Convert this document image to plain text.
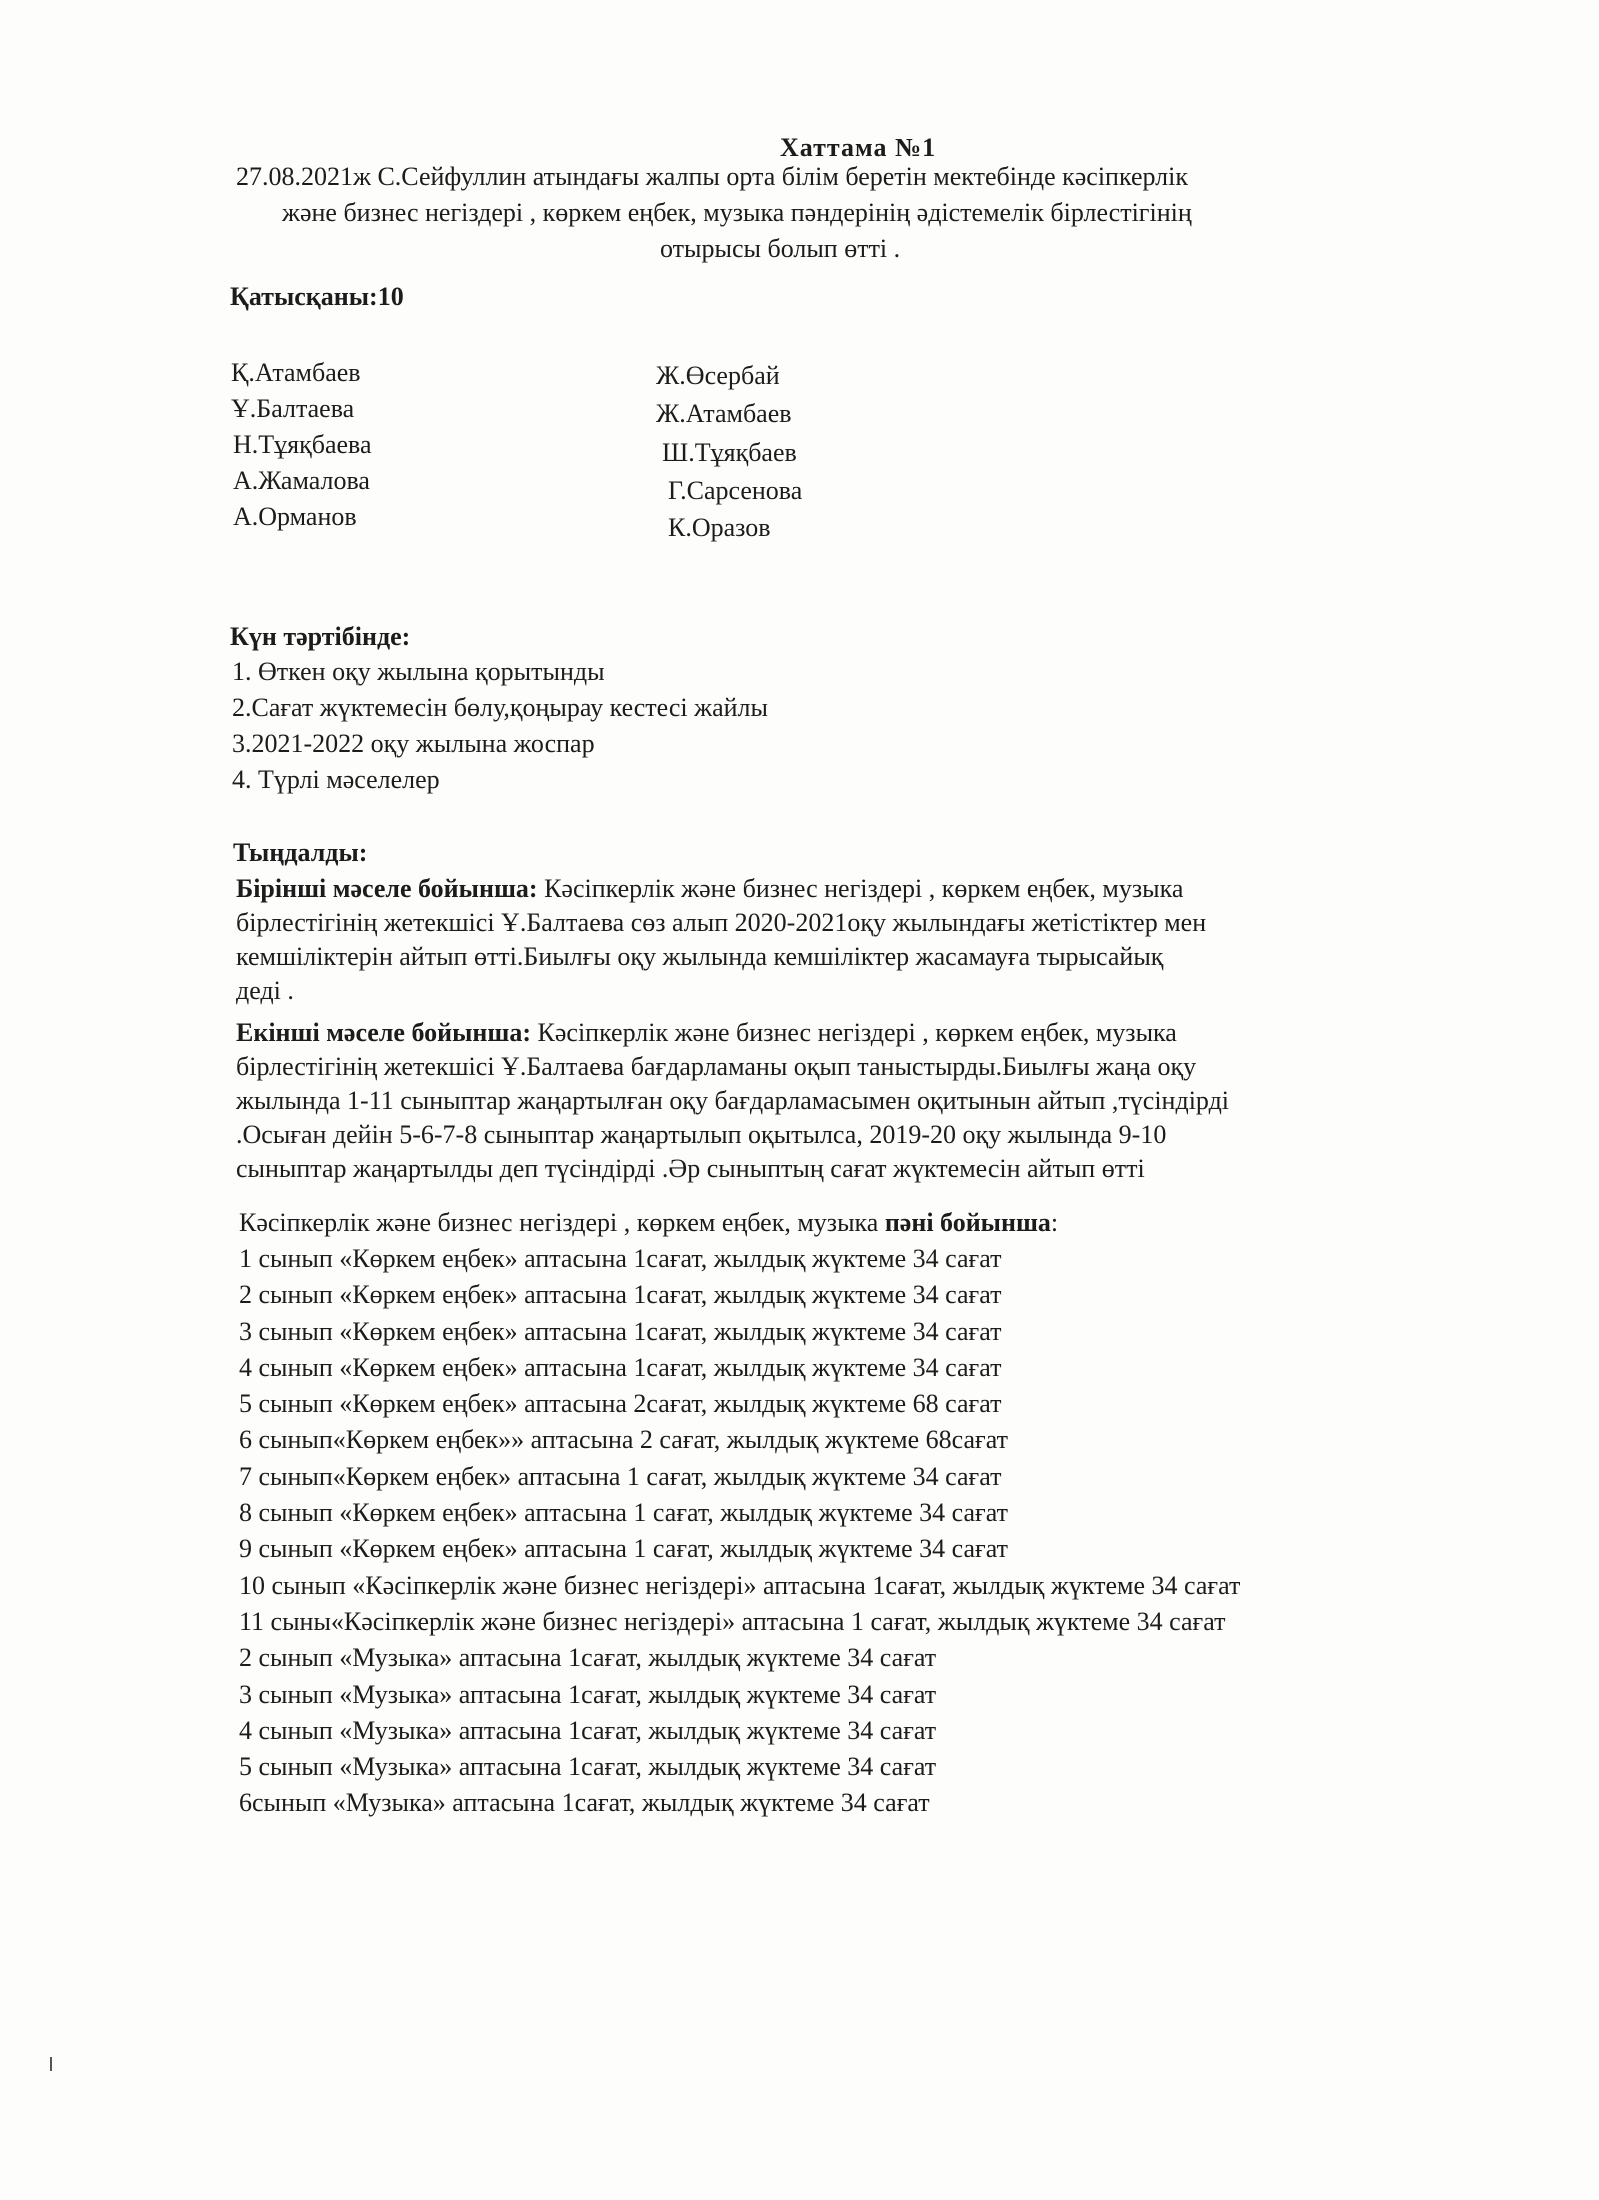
Хаттама №1
27.08.2021ж С.Сейфуллин атындағы жалпы орта білім беретін мектебінде кәсіпкерлік
және бизнес негіздері , көркем еңбек, музыка пәндерінің әдістемелік бірлестігінің
отырысы болып өтті .
Қатысқаны:10
Қ.Атамбаев
Ұ.Балтаева
Н.Тұяқбаева
А.Жамалова
А.Орманов
Ж.Өсербай
Ж.Атамбаев
Ш.Тұяқбаев
Г.Сарсенова
К.Оразов
Күн тәртібінде:
1. Өткен оқу жылына қорытынды
2.Сағат жүктемесін бөлу,қоңырау кестесі жайлы
3.2021-2022 оқу жылына жоспар
4. Түрлі мәселелер
Тыңдалды:
Бірінші мәселе бойынша: Кәсіпкерлік және бизнес негіздері , көркем еңбек, музыка
бірлестігінің жетекшісі Ұ.Балтаева сөз алып 2020-2021оқу жылындағы жетістіктер мен
кемшіліктерін айтып өтті.Биылғы оқу жылында кемшіліктер жасамауға тырысайық
деді .
Екінші мәселе бойынша: Кәсіпкерлік және бизнес негіздері , көркем еңбек, музыка
бірлестігінің жетекшісі Ұ.Балтаева бағдарламаны оқып таныстырды.Биылғы жаңа оқу
жылында 1-11 сыныптар жаңартылған оқу бағдарламасымен оқитынын айтып ,түсіндірді
.Осыған дейін 5-6-7-8 сыныптар жаңартылып оқытылса, 2019-20 оқу жылында 9-10
сыныптар жаңартылды деп түсіндірді .Әр сыныптың сағат жүктемесін айтып өтті
Кәсіпкерлік және бизнес негіздері , көркем еңбек, музыка пәні бойынша:
1 сынып «Көркем еңбек» аптасына 1сағат, жылдық жүктеме 34 сағат
2 сынып «Көркем еңбек» аптасына 1сағат, жылдық жүктеме 34 сағат
3 сынып «Көркем еңбек» аптасына 1сағат, жылдық жүктеме 34 сағат
4 сынып «Көркем еңбек» аптасына 1сағат, жылдық жүктеме 34 сағат
5 сынып «Көркем еңбек» аптасына 2сағат, жылдық жүктеме 68 сағат
6 сынып«Көркем еңбек»» аптасына 2 сағат, жылдық жүктеме 68сағат
7 сынып«Көркем еңбек» аптасына 1 сағат, жылдық жүктеме 34 сағат
8 сынып «Көркем еңбек» аптасына 1 сағат, жылдық жүктеме 34 сағат
9 сынып «Көркем еңбек» аптасына 1 сағат, жылдық жүктеме 34 сағат
10 сынып «Кәсіпкерлік және бизнес негіздері» аптасына 1сағат, жылдық жүктеме 34 сағат
11 сыны«Кәсіпкерлік және бизнес негіздері» аптасына 1 сағат, жылдық жүктеме 34 сағат
2 сынып «Музыка» аптасына 1сағат, жылдық жүктеме 34 сағат
3 сынып «Музыка» аптасына 1сағат, жылдық жүктеме 34 сағат
4 сынып «Музыка» аптасына 1сағат, жылдық жүктеме 34 сағат
5 сынып «Музыка» аптасына 1сағат, жылдық жүктеме 34 сағат
6сынып «Музыка» аптасына 1сағат, жылдық жүктеме 34 сағат
